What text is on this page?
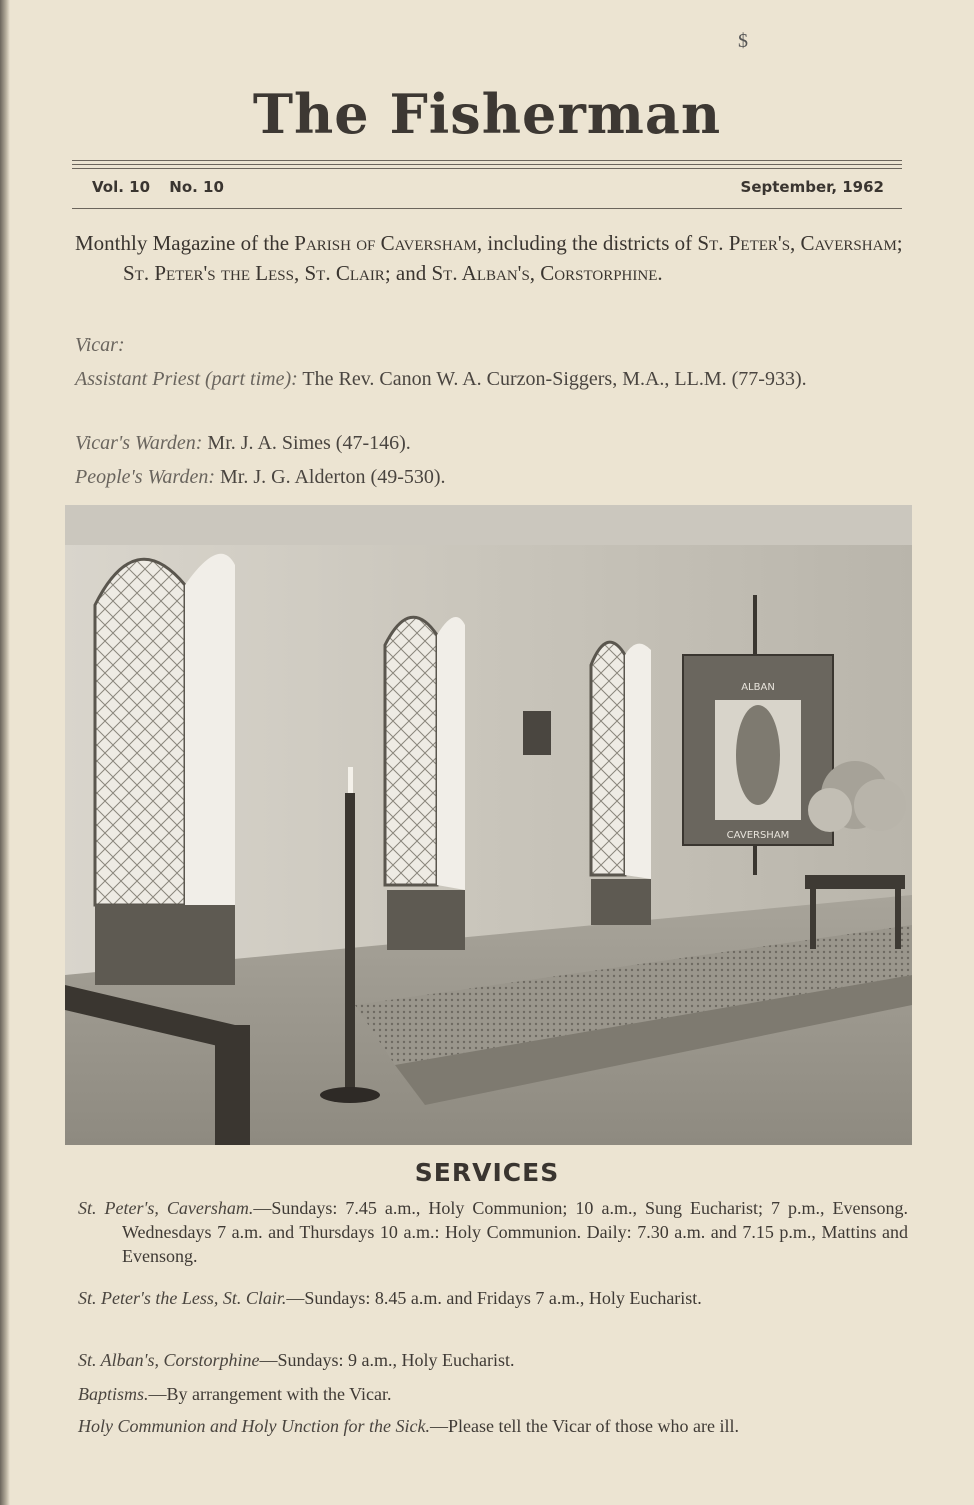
$
The Fisherman
Vol. 10 No. 10	September, 1962

Monthly Magazine of the Parish of Caversham, including the districts of St. Peter's, Caversham; St. Peter's the Less, St. Clair; and St. Alban's, Corstorphine.

Vicar:

Assistant Priest (part time): The Rev. Canon W. A. Curzon-Siggers, M.A., LL.M. (77-933).

Vicar's Warden: Mr. J. A. Simes (47-146).

People's Warden: Mr. J. G. Alderton (49-530).

ALBAN
CAVERSHAM
SERVICES

St. Peter's, Caversham.—Sundays: 7.45 a.m., Holy Communion; 10 a.m., Sung Eucharist; 7 p.m., Evensong. Wednesdays 7 a.m. and Thursdays 10 a.m.: Holy Communion. Daily: 7.30 a.m. and 7.15 p.m., Mattins and Evensong.

St. Peter's the Less, St. Clair.—Sundays: 8.45 a.m. and Fridays 7 a.m., Holy Eucharist.

St. Alban's, Corstorphine—Sundays: 9 a.m., Holy Eucharist.

Baptisms.—By arrangement with the Vicar.

Holy Communion and Holy Unction for the Sick.—Please tell the Vicar of those who are ill.
